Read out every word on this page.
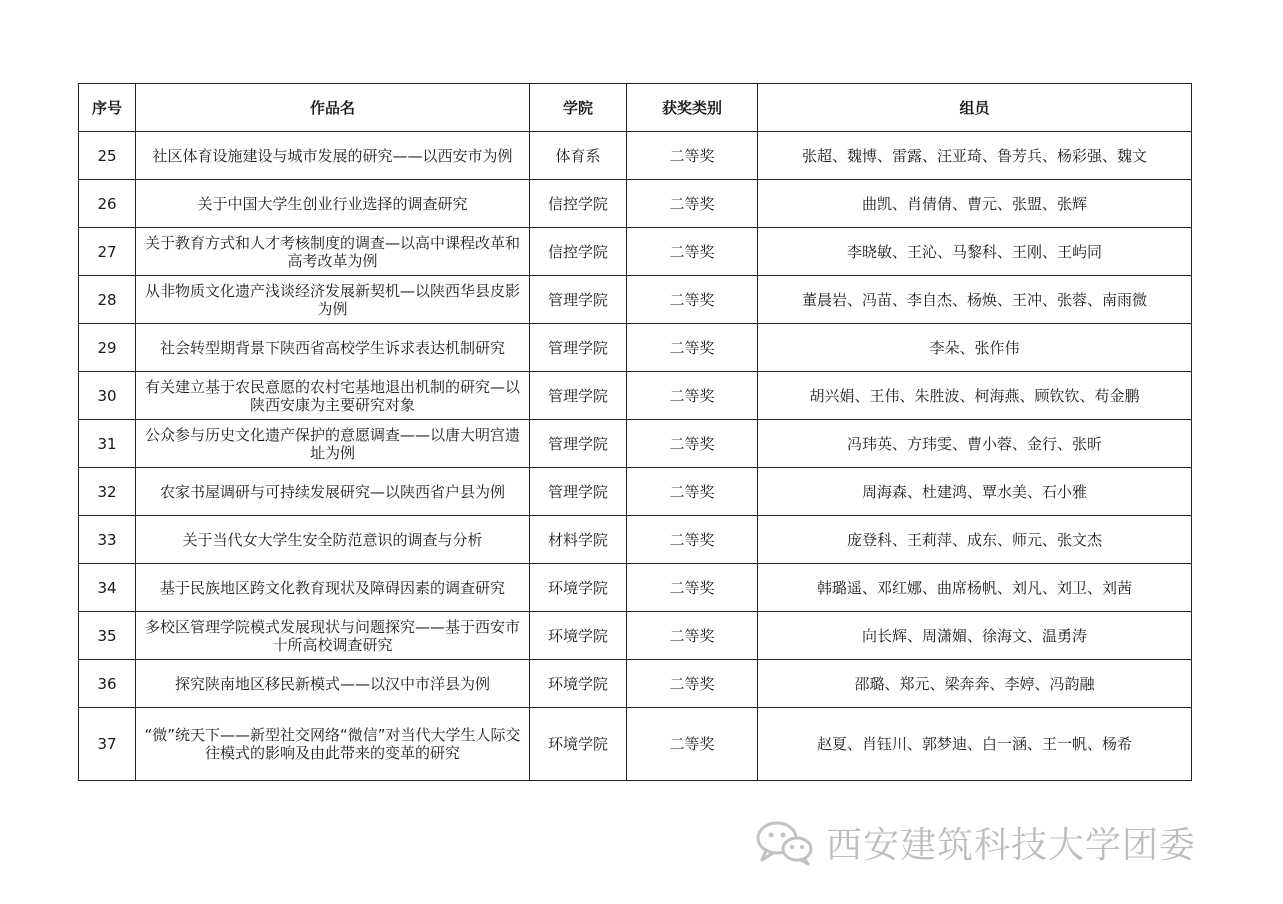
序号	作品名	学院	获奖类别	组员
25	社区体育设施建设与城市发展的研究——以西安市为例	体育系	二等奖	张超、魏博、雷露、汪亚琦、鲁芳兵、杨彩强、魏文
26	关于中国大学生创业行业选择的调查研究	信控学院	二等奖	曲凯、肖倩倩、曹元、张盟、张辉
27	关于教育方式和人才考核制度的调查—以高中课程改革和高考改革为例	信控学院	二等奖	李晓敏、王沁、马黎科、王刚、王屿同
28	从非物质文化遗产浅谈经济发展新契机—以陕西华县皮影为例	管理学院	二等奖	董晨岩、冯苗、李自杰、杨焕、王冲、张蓉、南雨微
29	社会转型期背景下陕西省高校学生诉求表达机制研究	管理学院	二等奖	李朵、张作伟
30	有关建立基于农民意愿的农村宅基地退出机制的研究—以陕西安康为主要研究对象	管理学院	二等奖	胡兴娟、王伟、朱胜波、柯海燕、顾钦钦、苟金鹏
31	公众参与历史文化遗产保护的意愿调查——以唐大明宫遗址为例	管理学院	二等奖	冯玮英、方玮雯、曹小蓉、金行、张昕
32	农家书屋调研与可持续发展研究—以陕西省户县为例	管理学院	二等奖	周海森、杜建鸿、覃水美、石小雅
33	关于当代女大学生安全防范意识的调查与分析	材料学院	二等奖	庞登科、王莉萍、成东、师元、张文杰
34	基于民族地区跨文化教育现状及障碍因素的调查研究	环境学院	二等奖	韩璐遥、邓红娜、曲席杨帆、刘凡、刘卫、刘茜
35	多校区管理学院模式发展现状与问题探究——基于西安市十所高校调查研究	环境学院	二等奖	向长辉、周潇媚、徐海文、温勇涛
36	探究陕南地区移民新模式——以汉中市洋县为例	环境学院	二等奖	邵璐、郑元、梁奔奔、李婷、冯韵融
37	“微”统天下——新型社交网络“微信”对当代大学生人际交往模式的影响及由此带来的变革的研究	环境学院	二等奖	赵夏、肖钰川、郭梦迪、白一涵、王一帆、杨希
西安建筑科技大学团委
